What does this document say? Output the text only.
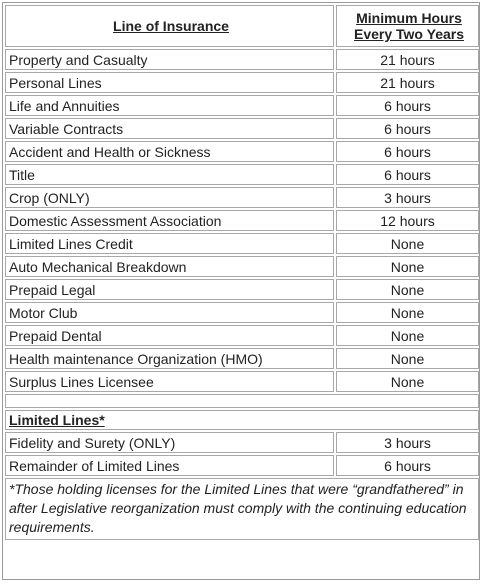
Line of Insurance	Minimum Hours
Every Two Years
Property and Casualty	21 hours
Personal Lines	21 hours
Life and Annuities	6 hours
Variable Contracts	6 hours
Accident and Health or Sickness	6 hours
Title	6 hours
Crop (ONLY)	3 hours
Domestic Assessment Association	12 hours
Limited Lines Credit	None
Auto Mechanical Breakdown	None
Prepaid Legal	None
Motor Club	None
Prepaid Dental	None
Health maintenance Organization (HMO)	None
Surplus Lines Licensee	None

Limited Lines*	
Fidelity and Surety (ONLY)	3 hours
Remainder of Limited Lines	6 hours
*Those holding licenses for the Limited Lines that were “grandfathered” in after Legislative reorganization must comply with the continuing education requirements.	
